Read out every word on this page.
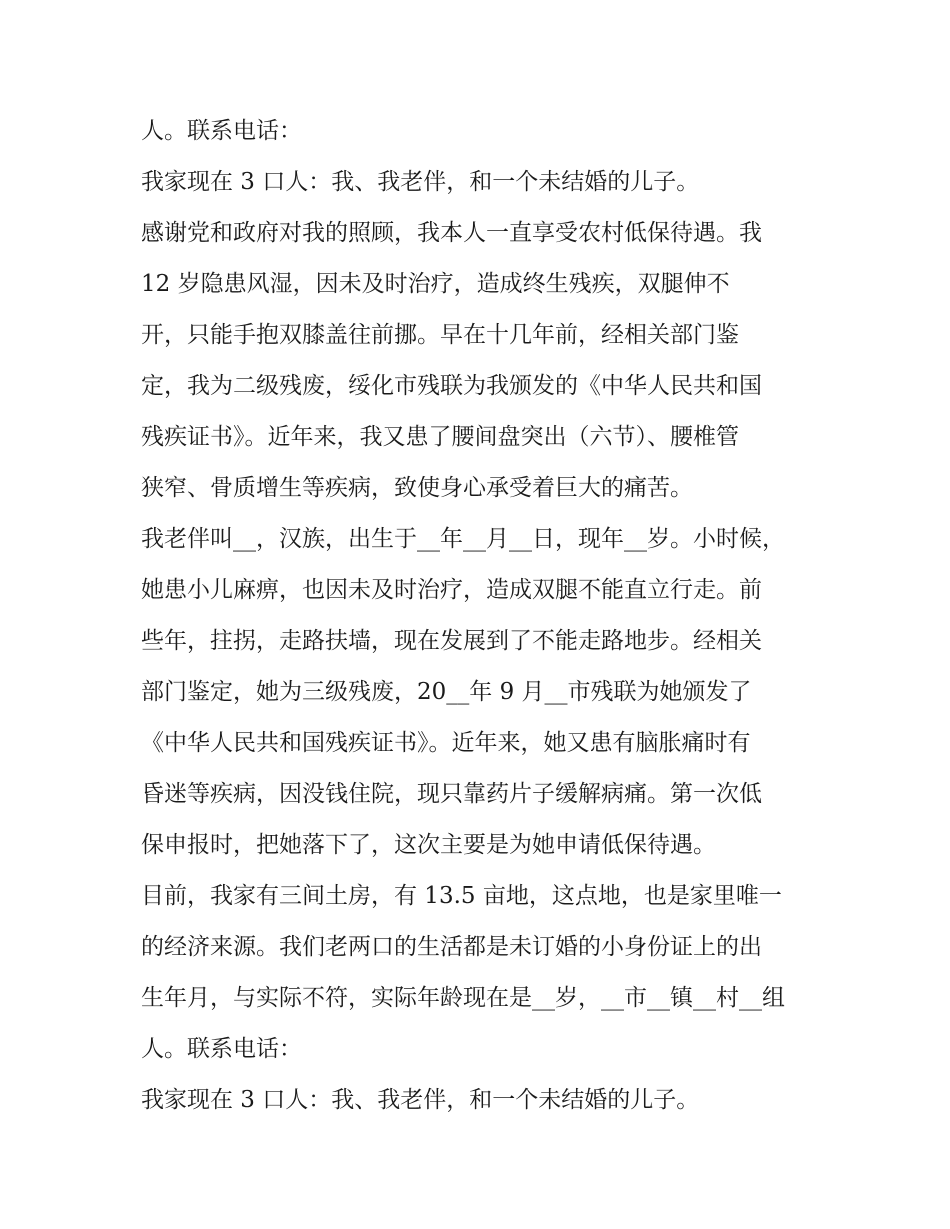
人。联系电话：
我家现在 3 口人：我、我老伴，和一个未结婚的儿子。
感谢党和政府对我的照顾，我本人一直享受农村低保待遇。我
12 岁隐患风湿，因未及时治疗，造成终生残疾，双腿伸不
开，只能手抱双膝盖往前挪。早在十几年前，经相关部门鉴
定，我为二级残废，绥化市残联为我颁发的《中华人民共和国
残疾证书》。近年来，我又患了腰间盘突出（六节）、腰椎管
狭窄、骨质增生等疾病，致使身心承受着巨大的痛苦。
我老伴叫__，汉族，出生于__年__月__日，现年__岁。小时候，
她患小儿麻痹，也因未及时治疗，造成双腿不能直立行走。前
些年，拄拐，走路扶墙，现在发展到了不能走路地步。经相关
部门鉴定，她为三级残废，20__年 9 月__市残联为她颁发了
《中华人民共和国残疾证书》。近年来，她又患有脑胀痛时有
昏迷等疾病，因没钱住院，现只靠药片子缓解病痛。第一次低
保申报时，把她落下了，这次主要是为她申请低保待遇。
目前，我家有三间土房，有 13.5 亩地，这点地，也是家里唯一
的经济来源。我们老两口的生活都是未订婚的小身份证上的出
生年月，与实际不符，实际年龄现在是__岁，__市__镇__村__组
人。联系电话：
我家现在 3 口人：我、我老伴，和一个未结婚的儿子。
